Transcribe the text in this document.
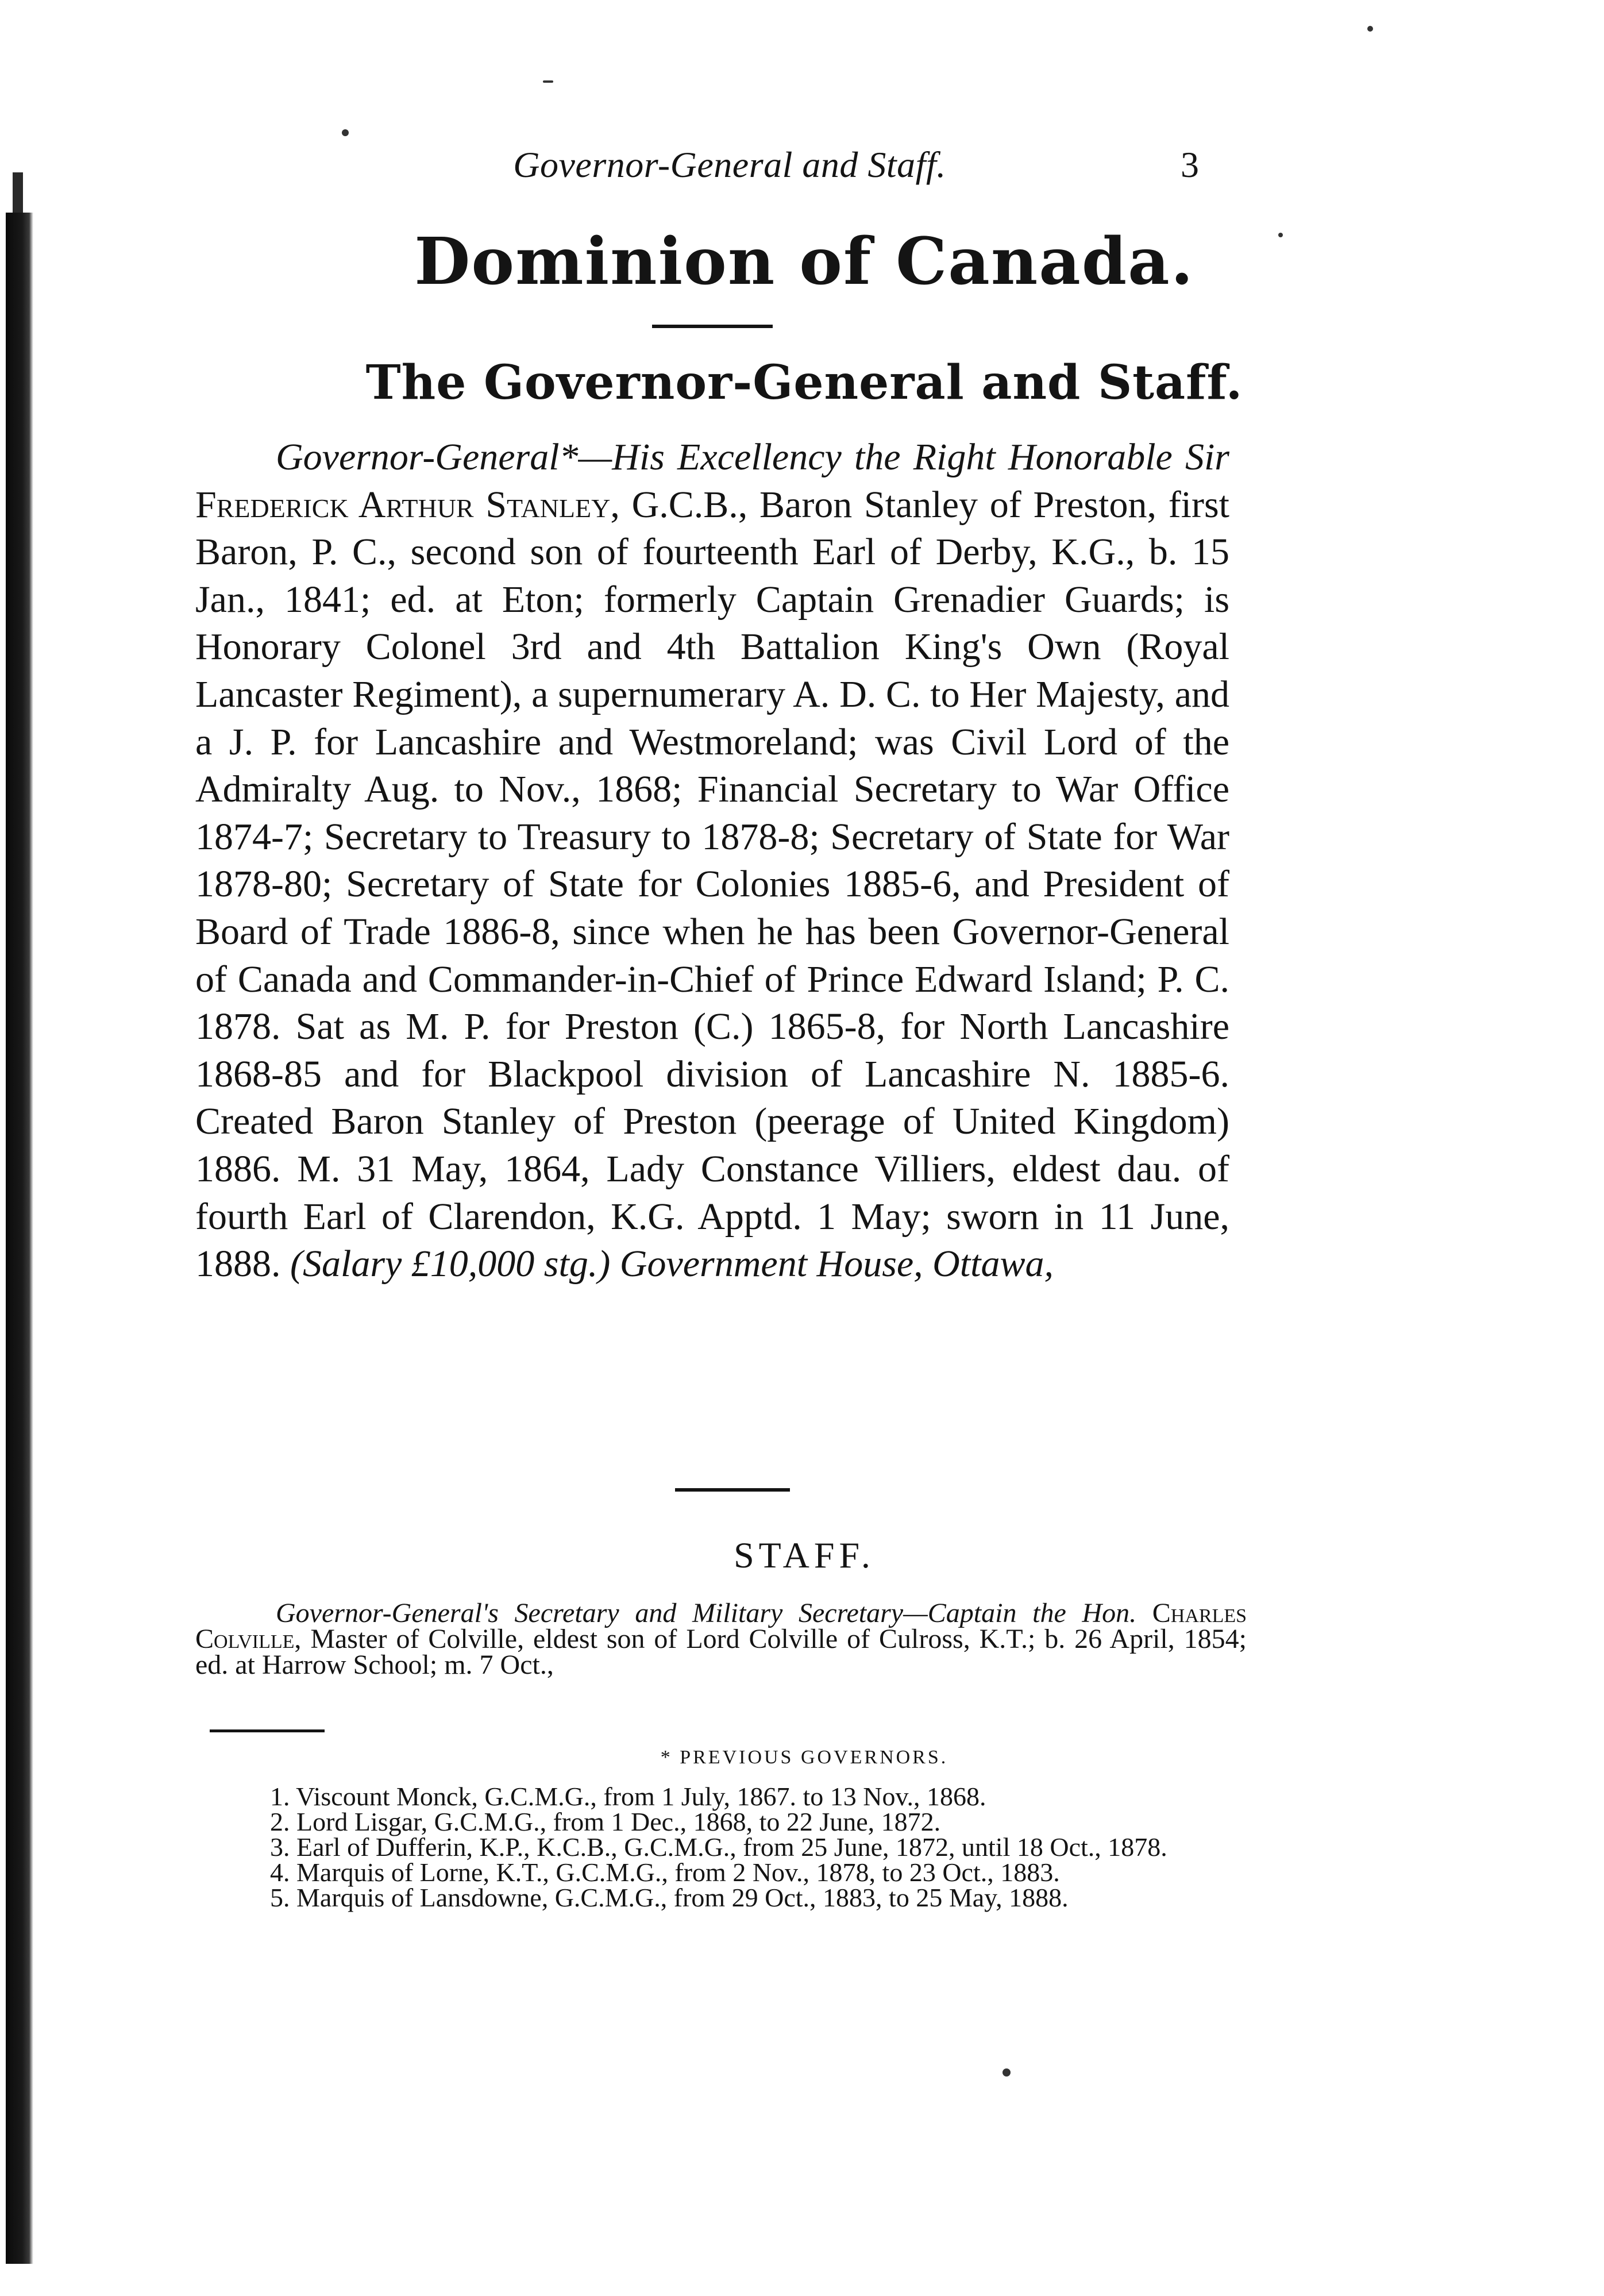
Governor-General and Staff.	3
Dominion of Canada.
The Governor-General and Staff.

Governor-General*—His Excellency the Right Honorable Sir Frederick Arthur Stanley, G.C.B., Baron Stanley of Preston, first Baron, P. C., second son of fourteenth Earl of Derby, K.G., b. 15 Jan., 1841; ed. at Eton; formerly Captain Grenadier Guards; is Honorary Colonel 3rd and 4th Battalion King's Own (Royal Lancaster Regiment), a supernumerary A. D. C. to Her Majesty, and a J. P. for Lancashire and Westmoreland; was Civil Lord of the Admiralty Aug. to Nov., 1868; Financial Secretary to War Office 1874-7; Secretary to Treasury to 1878-8; Secretary of State for War 1878-80; Secretary of State for Colonies 1885-6, and President of Board of Trade 1886-8, since when he has been Governor-General of Canada and Commander-in-Chief of Prince Edward Island; P. C. 1878. Sat as M. P. for Preston (C.) 1865-8, for North Lancashire 1868-85 and for Blackpool division of Lancashire N. 1885-6. Created Baron Stanley of Preston (peerage of United Kingdom) 1886. M. 31 May, 1864, Lady Constance Villiers, eldest dau. of fourth Earl of Clarendon, K.G. Apptd. 1 May; sworn in 11 June, 1888. (Salary £10,000 stg.) Government House, Ottawa,

STAFF.

Governor-General's Secretary and Military Secretary—Captain the Hon. Charles Colville, Master of Colville, eldest son of Lord Colville of Culross, K.T.; b. 26 April, 1854; ed. at Harrow School; m. 7 Oct.,

* PREVIOUS GOVERNORS.
1. Viscount Monck, G.C.M.G., from 1 July, 1867. to 13 Nov., 1868.
2. Lord Lisgar, G.C.M.G., from 1 Dec., 1868, to 22 June, 1872.
3. Earl of Dufferin, K.P., K.C.B., G.C.M.G., from 25 June, 1872, until 18 Oct., 1878.
4. Marquis of Lorne, K.T., G.C.M.G., from 2 Nov., 1878, to 23 Oct., 1883.
5. Marquis of Lansdowne, G.C.M.G., from 29 Oct., 1883, to 25 May, 1888.
